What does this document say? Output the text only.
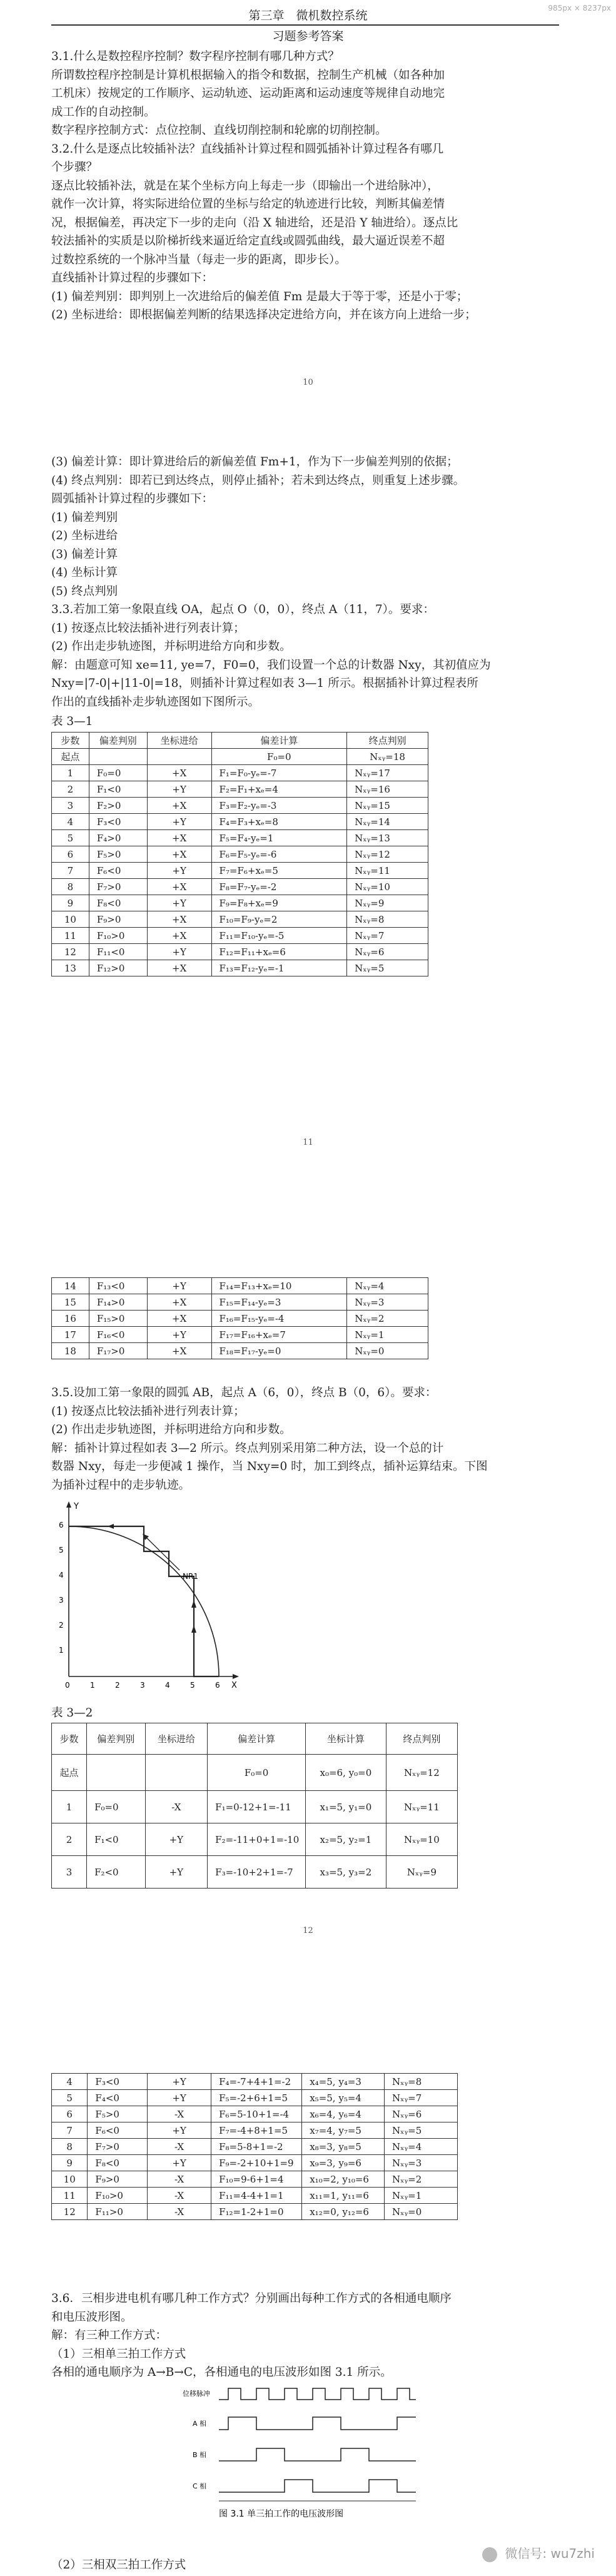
985px × 8237px
第三章　微机数控系统
习题参考答案

3.1.什么是数控程序控制？数字程序控制有哪几种方式？

所谓数控程序控制是计算机根据输入的指令和数据，控制生产机械（如各种加

工机床）按规定的工作顺序、运动轨迹、运动距离和运动速度等规律自动地完

成工作的自动控制。

数字程序控制方式：点位控制、直线切削控制和轮廓的切削控制。

3.2.什么是逐点比较插补法？直线插补计算过程和圆弧插补计算过程各有哪几

个步骤？

逐点比较插补法，就是在某个坐标方向上每走一步（即输出一个进给脉冲），

就作一次计算，将实际进给位置的坐标与给定的轨迹进行比较，判断其偏差情

况，根据偏差，再决定下一步的走向（沿 X 轴进给，还是沿 Y 轴进给）。逐点比

较法插补的实质是以阶梯折线来逼近给定直线或圆弧曲线，最大逼近误差不超

过数控系统的一个脉冲当量（每走一步的距离，即步长）。

直线插补计算过程的步骤如下：

(1) 偏差判别：即判别上一次进给后的偏差值 Fm 是最大于等于零，还是小于零；

(2) 坐标进给：即根据偏差判断的结果选择决定进给方向，并在该方向上进给一步；

10

(3) 偏差计算：即计算进给后的新偏差值 Fm+1，作为下一步偏差判别的依据；

(4) 终点判别：即若已到达终点，则停止插补；若未到达终点，则重复上述步骤。

圆弧插补计算过程的步骤如下：

(1) 偏差判别

(2) 坐标进给

(3) 偏差计算

(4) 坐标计算

(5) 终点判别

3.3.若加工第一象限直线 OA，起点 O（0，0），终点 A（11，7）。要求：

(1) 按逐点比较法插补进行列表计算；

(2) 作出走步轨迹图，并标明进给方向和步数。

解：由题意可知 xe=11, ye=7，F0=0，我们设置一个总的计数器 Nxy，其初值应为

Nxy=|7-0|+|11-0|=18，则插补计算过程如表 3—1 所示。根据插补计算过程表所

作出的直线插补走步轨迹图如下图所示。

表 3—1
步数	偏差判别	坐标进给	偏差计算	终点判别
起点			F₀=0	Nₓᵧ=18
1	F₀=0	+X	F₁=F₀-yₑ=-7	Nₓᵧ=17
2	F₁<0	+Y	F₂=F₁+xₑ=4	Nₓᵧ=16
3	F₂>0	+X	F₃=F₂-yₑ=-3	Nₓᵧ=15
4	F₃<0	+Y	F₄=F₃+xₑ=8	Nₓᵧ=14
5	F₄>0	+X	F₅=F₄-yₑ=1	Nₓᵧ=13
6	F₅>0	+X	F₆=F₅-yₑ=-6	Nₓᵧ=12
7	F₆<0	+Y	F₇=F₆+xₑ=5	Nₓᵧ=11
8	F₇>0	+X	F₈=F₇-yₑ=-2	Nₓᵧ=10
9	F₈<0	+Y	F₉=F₈+xₑ=9	Nₓᵧ=9
10	F₉>0	+X	F₁₀=F₉-yₑ=2	Nₓᵧ=8
11	F₁₀>0	+X	F₁₁=F₁₀-yₑ=-5	Nₓᵧ=7
12	F₁₁<0	+Y	F₁₂=F₁₁+xₑ=6	Nₓᵧ=6
13	F₁₂>0	+X	F₁₃=F₁₂-yₑ=-1	Nₓᵧ=5
11
14	F₁₃<0	+Y	F₁₄=F₁₃+xₑ=10	Nₓᵧ=4
15	F₁₄>0	+X	F₁₅=F₁₄-yₑ=3	Nₓᵧ=3
16	F₁₅>0	+X	F₁₆=F₁₅-yₑ=-4	Nₓᵧ=2
17	F₁₆<0	+Y	F₁₇=F₁₆+xₑ=7	Nₓᵧ=1
18	F₁₇>0	+X	F₁₈=F₁₇-yₑ=0	Nₓᵧ=0

3.5.设加工第一象限的圆弧 AB，起点 A（6，0），终点 B（0，6）。要求：

(1) 按逐点比较法插补进行列表计算；

(2) 作出走步轨迹图，并标明进给方向和步数。

解：插补计算过程如表 3—2 所示。终点判别采用第二种方法，设一个总的计

数器 Nxy，每走一步便减 1 操作，当 Nxy=0 时，加工到终点，插补运算结束。下图

为插补过程中的走步轨迹。

Y
X
6
5
4
3
2
1
0	1	2	3	4	5	6
NR1
表 3—2
步数	偏差判别	坐标进给	偏差计算	坐标计算	终点判别
起点			F₀=0	x₀=6, y₀=0	Nₓᵧ=12
1	F₀=0	-X	F₁=0-12+1=-11	x₁=5, y₁=0	Nₓᵧ=11
2	F₁<0	+Y	F₂=-11+0+1=-10	x₂=5, y₂=1	Nₓᵧ=10
3	F₂<0	+Y	F₃=-10+2+1=-7	x₃=5, y₃=2	Nₓᵧ=9
12
4	F₃<0	+Y	F₄=-7+4+1=-2	x₄=5, y₄=3	Nₓᵧ=8
5	F₄<0	+Y	F₅=-2+6+1=5	x₅=5, y₅=4	Nₓᵧ=7
6	F₅>0	-X	F₆=5-10+1=-4	x₆=4, y₆=4	Nₓᵧ=6
7	F₆<0	+Y	F₇=-4+8+1=5	x₇=4, y₇=5	Nₓᵧ=5
8	F₇>0	-X	F₈=5-8+1=-2	x₈=3, y₈=5	Nₓᵧ=4
9	F₈<0	+Y	F₉=-2+10+1=9	x₉=3, y₉=6	Nₓᵧ=3
10	F₉>0	-X	F₁₀=9-6+1=4	x₁₀=2, y₁₀=6	Nₓᵧ=2
11	F₁₀>0	-X	F₁₁=4-4+1=1	x₁₁=1, y₁₁=6	Nₓᵧ=1
12	F₁₁>0	-X	F₁₂=1-2+1=0	x₁₂=0, y₁₂=6	Nₓᵧ=0

3.6．三相步进电机有哪几种工作方式？分别画出每种工作方式的各相通电顺序

和电压波形图。

解：有三种工作方式：

（1）三相单三拍工作方式

各相的通电顺序为 A→B→C，各相通电的电压波形如图 3.1 所示。

位移脉冲
A 相
B 相
C 相
图 3.1 单三拍工作的电压波形图
（2）三相双三拍工作方式
微信号: wu7zhi
